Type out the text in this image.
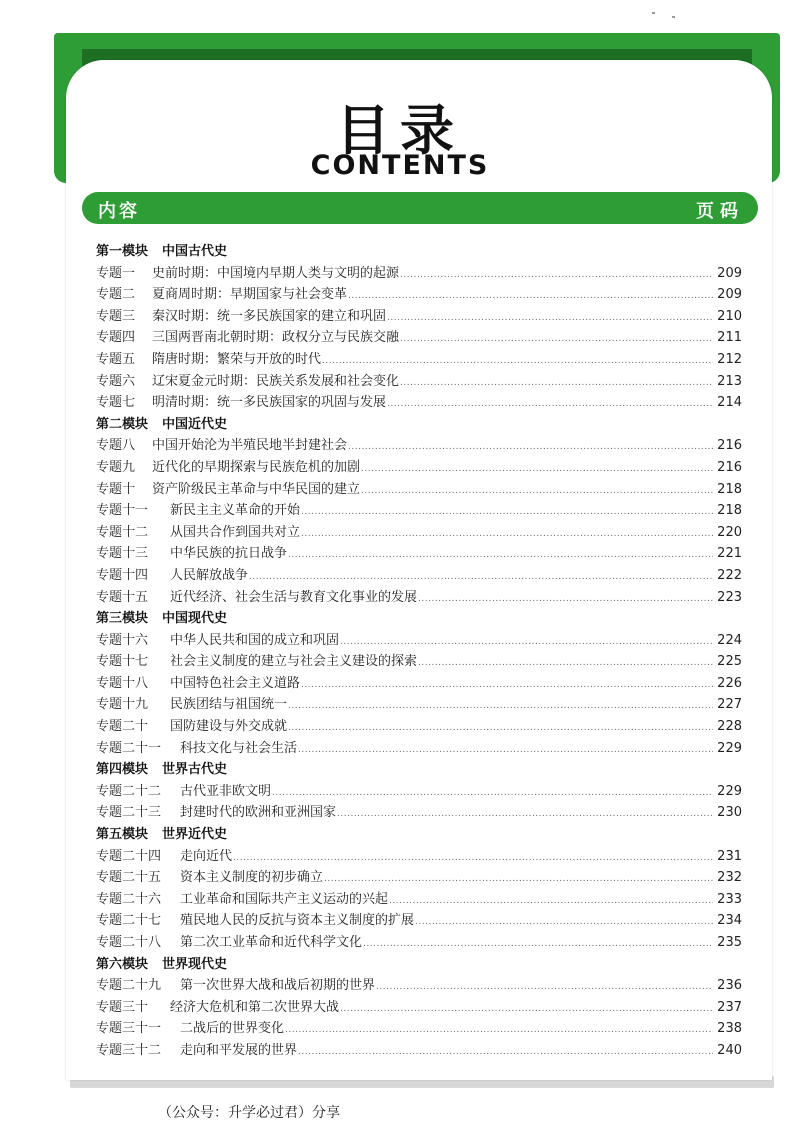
目录
CONTENTS
内容	页码
第一模块 中国古代史
专题一	史前时期：中国境内早期人类与文明的起源 .....	209
专题二	夏商周时期：早期国家与社会变革 .....	209
专题三	秦汉时期：统一多民族国家的建立和巩固 .....	210
专题四	三国两晋南北朝时期：政权分立与民族交融 .....	211
专题五	隋唐时期：繁荣与开放的时代 .....	212
专题六	辽宋夏金元时期：民族关系发展和社会变化 .....	213
专题七	明清时期：统一多民族国家的巩固与发展 .....	214
第二模块 中国近代史
专题八	中国开始沦为半殖民地半封建社会 .....	216
专题九	近代化的早期探索与民族危机的加剧 .....	216
专题十	资产阶级民主革命与中华民国的建立 .....	218
专题十一	新民主主义革命的开始 .....	218
专题十二	从国共合作到国共对立 .....	220
专题十三	中华民族的抗日战争 .....	221
专题十四	人民解放战争 .....	222
专题十五	近代经济、社会生活与教育文化事业的发展 .....	223
第三模块 中国现代史
专题十六	中华人民共和国的成立和巩固 .....	224
专题十七	社会主义制度的建立与社会主义建设的探索 .....	225
专题十八	中国特色社会主义道路 .....	226
专题十九	民族团结与祖国统一 .....	227
专题二十	国防建设与外交成就 .....	228
专题二十一	科技文化与社会生活 .....	229
第四模块 世界古代史
专题二十二	古代亚非欧文明 .....	229
专题二十三	封建时代的欧洲和亚洲国家 .....	230
第五模块 世界近代史
专题二十四	走向近代 .....	231
专题二十五	资本主义制度的初步确立 .....	232
专题二十六	工业革命和国际共产主义运动的兴起 .....	233
专题二十七	殖民地人民的反抗与资本主义制度的扩展 .....	234
专题二十八	第二次工业革命和近代科学文化 .....	235
第六模块 世界现代史
专题二十九	第一次世界大战和战后初期的世界 .....	236
专题三十	经济大危机和第二次世界大战 .....	237
专题三十一	二战后的世界变化 .....	238
专题三十二	走向和平发展的世界 .....	240
（公众号：升学必过君）分享
